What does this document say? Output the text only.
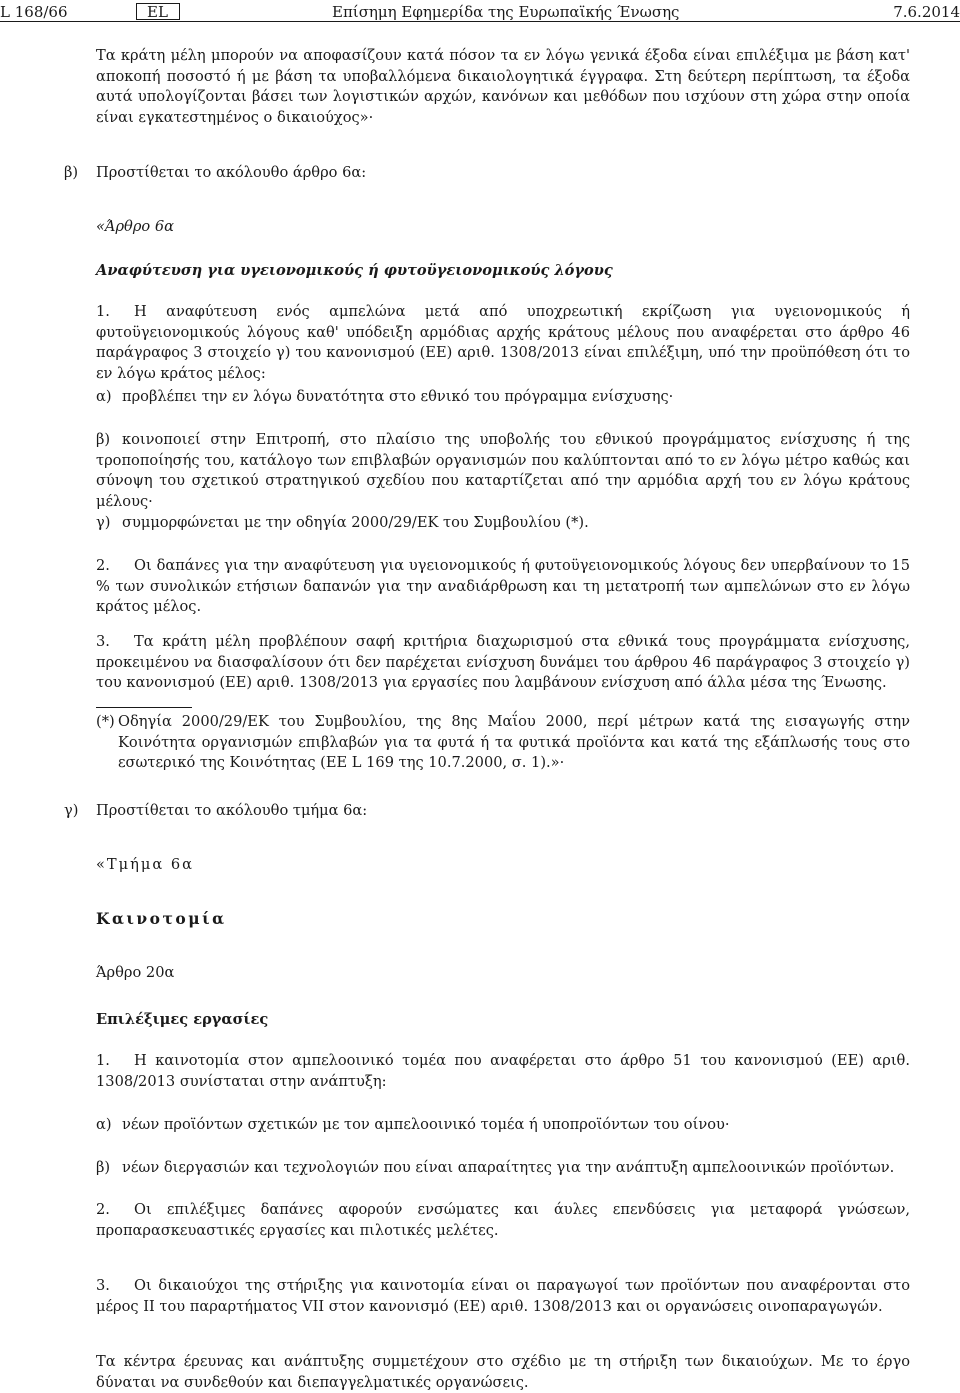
L 168/66	EL	Επίσημη Εφημερίδα της Ευρωπαϊκής Ένωσης	7.6.2014

Τα κράτη μέλη μπορούν να αποφασίζουν κατά πόσον τα εν λόγω γενικά έξοδα είναι επιλέξιμα με βάση κατ' αποκοπή ποσοστό ή με βάση τα υποβαλλόμενα δικαιολογητικά έγγραφα. Στη δεύτερη περίπτωση, τα έξοδα αυτά υπολογίζονται βάσει των λογιστικών αρχών, κανόνων και μεθόδων που ισχύουν στη χώρα στην οποία είναι εγκατεστημένος ο δικαιούχος»·

β) Προστίθεται το ακόλουθο άρθρο 6α:

«Άρθρο 6α

Αναφύτευση για υγειονομικούς ή φυτοϋγειονομικούς λόγους

1. Η αναφύτευση ενός αμπελώνα μετά από υποχρεωτική εκρίζωση για υγειονομικούς ή φυτοϋγειονομικούς λόγους καθ' υπόδειξη αρμόδιας αρχής κράτους μέλους που αναφέρεται στο άρθρο 46 παράγραφος 3 στοιχείο γ) του κανονισμού (ΕΕ) αριθ. 1308/2013 είναι επιλέξιμη, υπό την προϋπόθεση ότι το εν λόγω κράτος μέλος:

α) προβλέπει την εν λόγω δυνατότητα στο εθνικό του πρόγραμμα ενίσχυσης·

β) κοινοποιεί στην Επιτροπή, στο πλαίσιο της υποβολής του εθνικού προγράμματος ενίσχυσης ή της τροποποίησής του, κατάλογο των επιβλαβών οργανισμών που καλύπτονται από το εν λόγω μέτρο καθώς και σύνοψη του σχετικού στρατηγικού σχεδίου που καταρτίζεται από την αρμόδια αρχή του εν λόγω κράτους μέλους·

γ) συμμορφώνεται με την οδηγία 2000/29/ΕΚ του Συμβουλίου (*).

2. Οι δαπάνες για την αναφύτευση για υγειονομικούς ή φυτοϋγειονομικούς λόγους δεν υπερβαίνουν το 15 % των συνολικών ετήσιων δαπανών για την αναδιάρθρωση και τη μετατροπή των αμπελώνων στο εν λόγω κράτος μέλος.

3. Τα κράτη μέλη προβλέπουν σαφή κριτήρια διαχωρισμού στα εθνικά τους προγράμματα ενίσχυσης, προκειμένου να διασφαλίσουν ότι δεν παρέχεται ενίσχυση δυνάμει του άρθρου 46 παράγραφος 3 στοιχείο γ) του κανονισμού (ΕΕ) αριθ. 1308/2013 για εργασίες που λαμβάνουν ενίσχυση από άλλα μέσα της Ένωσης.

(*) Οδηγία 2000/29/ΕΚ του Συμβουλίου, της 8ης Μαΐου 2000, περί μέτρων κατά της εισαγωγής στην Κοινότητα οργανισμών επιβλαβών για τα φυτά ή τα φυτικά προϊόντα και κατά της εξάπλωσής τους στο εσωτερικό της Κοινότητας (ΕΕ L 169 της 10.7.2000, σ. 1).»·

γ) Προστίθεται το ακόλουθο τμήμα 6α:

«Τμήμα 6α

Καινοτομία

Άρθρο 20α

Επιλέξιμες εργασίες

1. Η καινοτομία στον αμπελοοινικό τομέα που αναφέρεται στο άρθρο 51 του κανονισμού (ΕΕ) αριθ. 1308/2013 συνίσταται στην ανάπτυξη:

α) νέων προϊόντων σχετικών με τον αμπελοοινικό τομέα ή υποπροϊόντων του οίνου·

β) νέων διεργασιών και τεχνολογιών που είναι απαραίτητες για την ανάπτυξη αμπελοοινικών προϊόντων.

2. Οι επιλέξιμες δαπάνες αφορούν ενσώματες και άυλες επενδύσεις για μεταφορά γνώσεων, προπαρασκευαστικές εργασίες και πιλοτικές μελέτες.

3. Οι δικαιούχοι της στήριξης για καινοτομία είναι οι παραγωγοί των προϊόντων που αναφέρονται στο μέρος II του παραρτήματος VII στον κανονισμό (ΕΕ) αριθ. 1308/2013 και οι οργανώσεις οινοπαραγωγών.

Τα κέντρα έρευνας και ανάπτυξης συμμετέχουν στο σχέδιο με τη στήριξη των δικαιούχων. Με το έργο δύναται να συνδεθούν και διεπαγγελματικές οργανώσεις.
